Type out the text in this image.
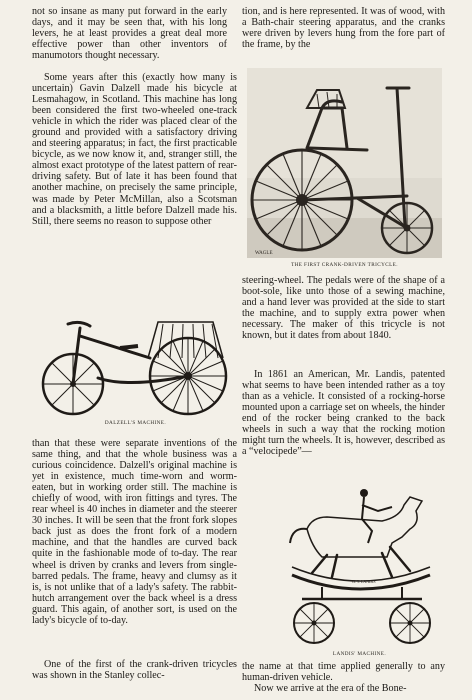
not so insane as many put forward in the early days, and it may be seen that, with his long levers, he at least provides a great deal more effective power than other inventors of manumotors thought necessary.

Some years after this (exactly how many is uncertain) Gavin Dalzell made his bicycle at Lesmahagow, in Scotland. This machine has long been considered the first two-wheeled one-track vehicle in which the rider was placed clear of the ground and provided with a satisfactory driving and steering apparatus; in fact, the first practicable bicycle, as we now know it, and, stranger still, the almost exact prototype of the latest pattern of rear-driving safety. But of late it has been found that another machine, on precisely the same principle, was made by Peter McMillan, also a Scotsman and a blacksmith, a little before Dalzell made his. Still, there seems no reason to suppose other

than that these were separate inventions of the same thing, and that the whole business was a curious coincidence. Dalzell's original machine is yet in existence, much time-worn and worm-eaten, but in working order still. The machine is chiefly of wood, with iron fittings and tyres. The rear wheel is 40 inches in diameter and the steerer 30 inches. It will be seen that the front fork slopes back just as does the front fork of a modern machine, and that the handles are curved back quite in the fashionable mode of to-day. The rear wheel is driven by cranks and levers from single-barred pedals. The frame, heavy and clumsy as it is, is not unlike that of a lady's safety. The rabbit-hutch arrangement over the back wheel is a dress guard. This again, of another sort, is used on the lady's bicycle of to-day.

One of the first of the crank-driven tricycles was shown in the Stanley collec-

tion, and is here represented. It was of wood, with a Bath-chair steering apparatus, and the cranks were driven by levers hung from the fore part of the frame, by the

steering-wheel. The pedals were of the shape of a boot-sole, like unto those of a sewing machine, and a hand lever was provided at the side to start the machine, and to supply extra power when necessary. The maker of this tricycle is not known, but it dates from about 1840.

In 1861 an American, Mr. Landis, patented what seems to have been intended rather as a toy than as a vehicle. It consisted of a rocking-horse mounted upon a carriage set on wheels, the hinder end of the rocker being cranked to the back wheels in such a way that the rocking motion might turn the wheels. It is, however, described as a “velocipede”—

the name at that time applied generally to any human-driven vehicle.

Now we arrive at the era of the Bone-

WAGLE

THE FIRST CRANK-DRIVEN TRICYCLE.

DALZELL'S MACHINE.

G. T. LANDIS

LANDIS' MACHINE.
